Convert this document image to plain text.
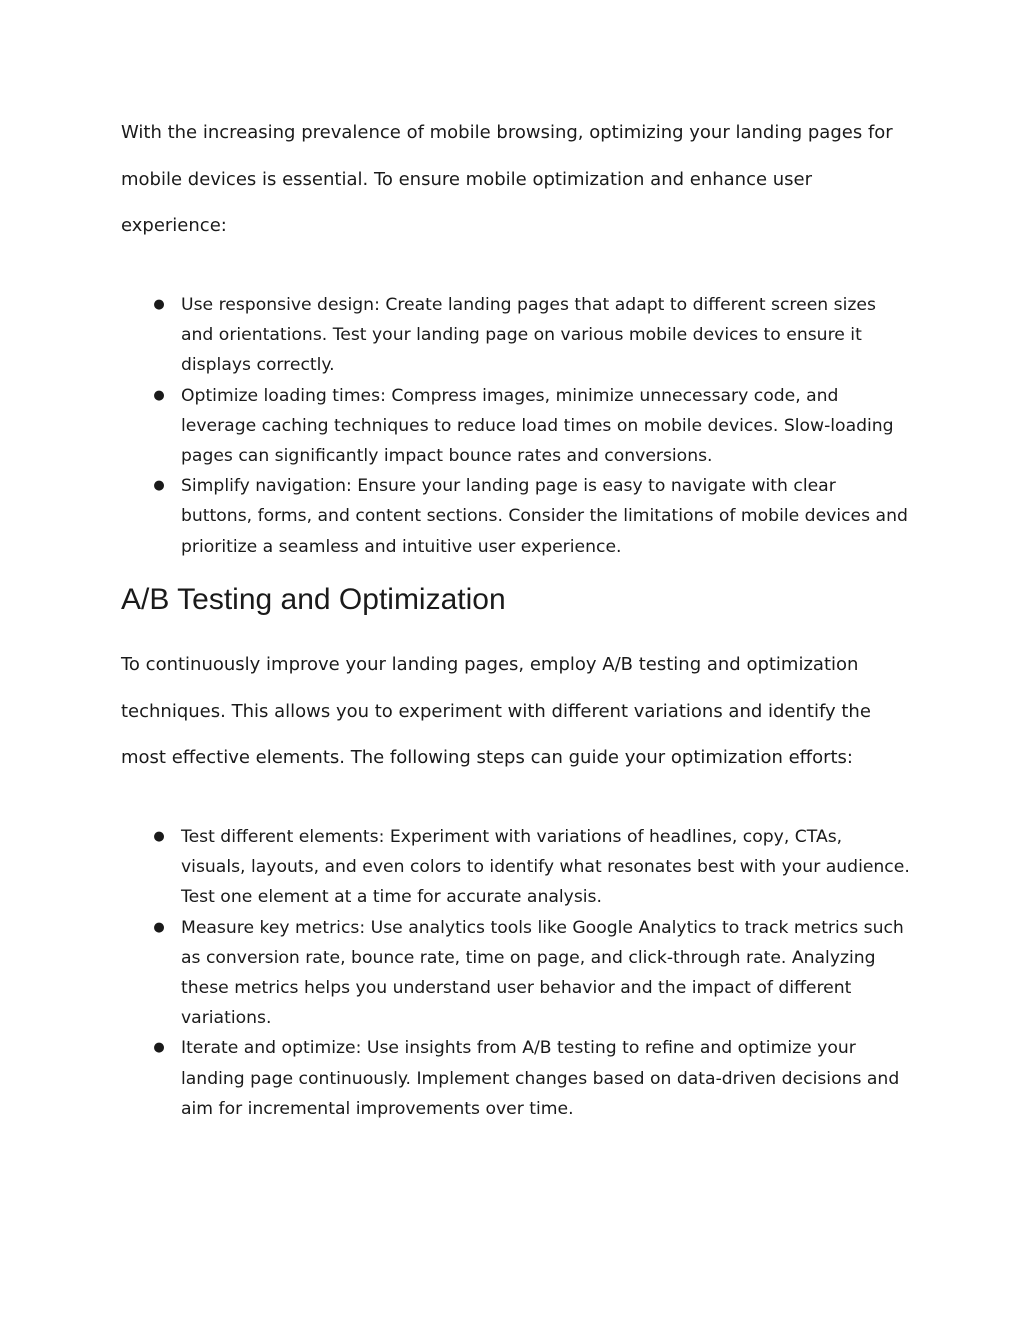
With the increasing prevalence of mobile browsing, optimizing your landing pages for mobile devices is essential. To ensure mobile optimization and enhance user experience:

● Use responsive design: Create landing pages that adapt to different screen sizes and orientations. Test your landing page on various mobile devices to ensure it displays correctly.
● Optimize loading times: Compress images, minimize unnecessary code, and leverage caching techniques to reduce load times on mobile devices. Slow-loading pages can significantly impact bounce rates and conversions.
● Simplify navigation: Ensure your landing page is easy to navigate with clear buttons, forms, and content sections. Consider the limitations of mobile devices and prioritize a seamless and intuitive user experience.
A/B Testing and Optimization

To continuously improve your landing pages, employ A/B testing and optimization techniques. This allows you to experiment with different variations and identify the most effective elements. The following steps can guide your optimization efforts:

● Test different elements: Experiment with variations of headlines, copy, CTAs, visuals, layouts, and even colors to identify what resonates best with your audience. Test one element at a time for accurate analysis.
● Measure key metrics: Use analytics tools like Google Analytics to track metrics such as conversion rate, bounce rate, time on page, and click-through rate. Analyzing these metrics helps you understand user behavior and the impact of different variations.
● Iterate and optimize: Use insights from A/B testing to refine and optimize your landing page continuously. Implement changes based on data-driven decisions and aim for incremental improvements over time.
